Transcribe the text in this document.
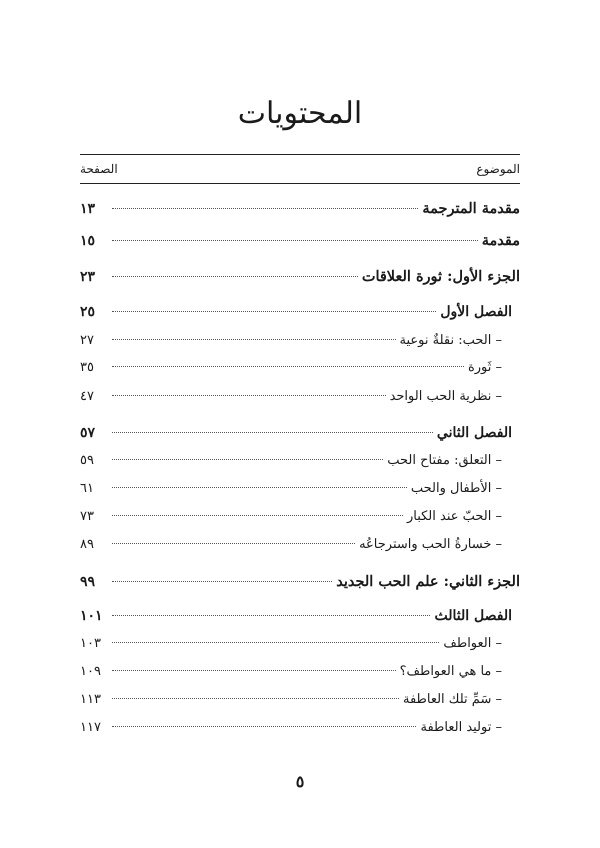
المحتويات
الموضوع
الصفحة
مقدمة المترجمة
١٣
مقدمة
١٥
الجزء الأول: ثورة العلاقات
٢٣
الفصل الأول
٢٥
– الحب: نقلةٌ نوعية
٢٧
– ثَورة
٣٥
– نظرية الحب الواحد
٤٧
الفصل الثاني
٥٧
– التعلق: مفتاح الحب
٥٩
– الأطفال والحب
٦١
– الحبّ عند الكبار
٧٣
– خسارةُ الحب واسترجاعُه
٨٩
الجزء الثاني: علم الحب الجديد
٩٩
الفصل الثالث
١٠١
– العواطف
١٠٣
– ما هي العواطف؟
١٠٩
– سَمِّ تلك العاطفة
١١٣
– توليد العاطفة
١١٧
٥
